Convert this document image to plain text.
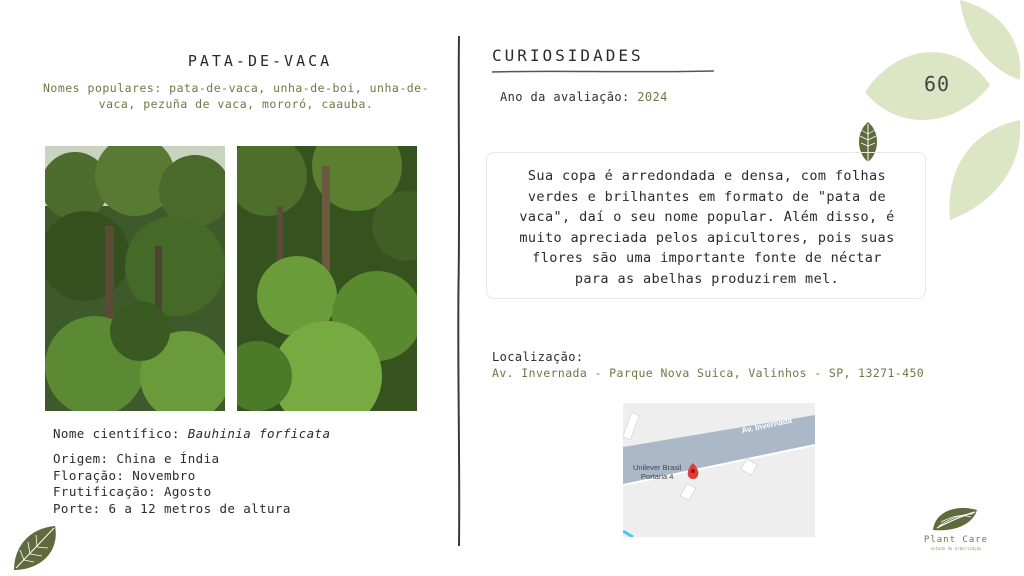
PATA-DE-VACA
Nomes populares: pata-de-vaca, unha-de-boi, unha-de-vaca, pezuña de vaca, mororó, caauba.
Nome científico: Bauhinia forficata
Origem: China e Índia
Floração: Novembro
Frutificação: Agosto
Porte: 6 a 12 metros de altura
CURIOSIDADES
Ano da avaliação: 2024
60
Sua copa é arredondada e densa, com folhas verdes e brilhantes em formato de "pata de vaca", daí o seu nome popular. Além disso, é muito apreciada pelos apicultores, pois suas flores são uma importante fonte de néctar para as abelhas produzirem mel.
Localização:
Av. Invernada - Parque Nova Suica, Valinhos - SP, 13271-450
Av. Invernada
Unilever Brasil
Portaria 4
Plant Care
estudo da arborização
